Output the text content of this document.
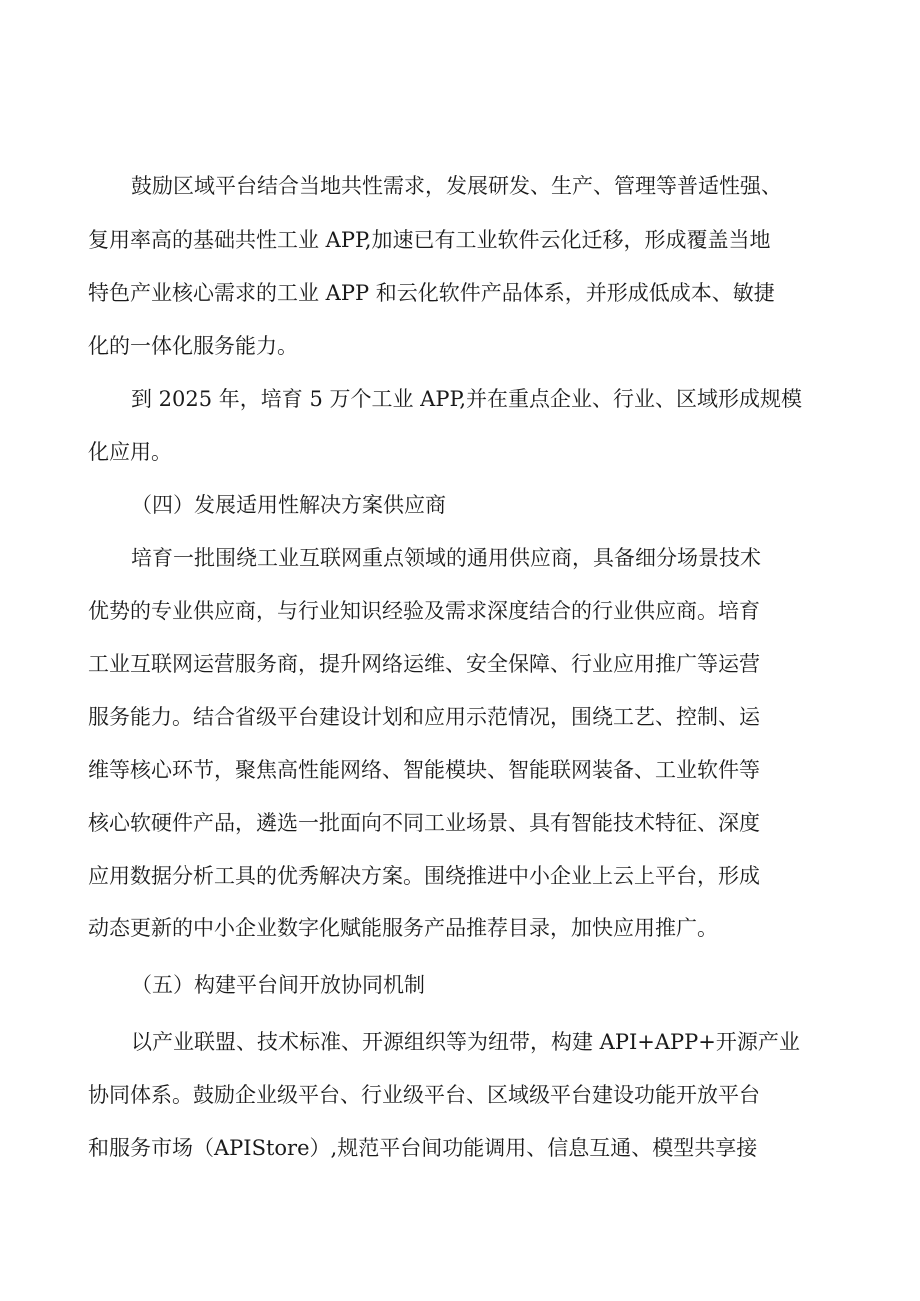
鼓励区域平台结合当地共性需求，发展研发、生产、管理等普适性强、

复用率高的基础共性工业 APP,加速已有工业软件云化迁移，形成覆盖当地

特色产业核心需求的工业 APP 和云化软件产品体系，并形成低成本、敏捷

化的一体化服务能力。

到 2025 年，培育 5 万个工业 APP,并在重点企业、行业、区域形成规模

化应用。

（四）发展适用性解决方案供应商

培育一批围绕工业互联网重点领域的通用供应商，具备细分场景技术

优势的专业供应商，与行业知识经验及需求深度结合的行业供应商。培育

工业互联网运营服务商，提升网络运维、安全保障、行业应用推广等运营

服务能力。结合省级平台建设计划和应用示范情况，围绕工艺、控制、运

维等核心环节，聚焦高性能网络、智能模块、智能联网装备、工业软件等

核心软硬件产品，遴选一批面向不同工业场景、具有智能技术特征、深度

应用数据分析工具的优秀解决方案。围绕推进中小企业上云上平台，形成

动态更新的中小企业数字化赋能服务产品推荐目录，加快应用推广。

（五）构建平台间开放协同机制

以产业联盟、技术标准、开源组织等为纽带，构建 API+APP+开源产业

协同体系。鼓励企业级平台、行业级平台、区域级平台建设功能开放平台

和服务市场（APIStore）,规范平台间功能调用、信息互通、模型共享接
